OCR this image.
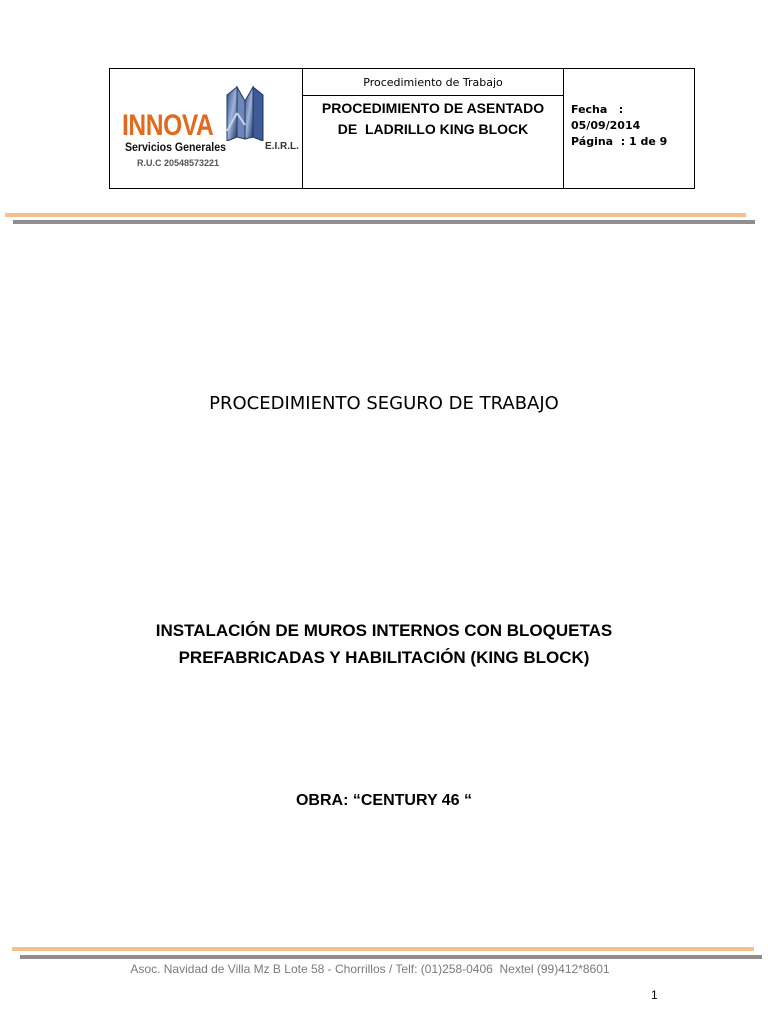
INNOVA
Servicios Generales
R.U.C 20548573221
E.I.R.L.

Procedimiento de Trabajo
PROCEDIMIENTO DE ASENTADO
DE  LADRILLO KING BLOCK

Fecha   :
05/09/2014
Página  : 1 de 9
PROCEDIMIENTO SEGURO DE TRABAJO
INSTALACIÓN DE MUROS INTERNOS CON BLOQUETAS
PREFABRICADAS Y HABILITACIÓN (KING BLOCK)
OBRA: “CENTURY 46 “
Asoc. Navidad de Villa Mz B Lote 58 - Chorrillos / Telf: (01)258-0406  Nextel (99)412*8601
1
